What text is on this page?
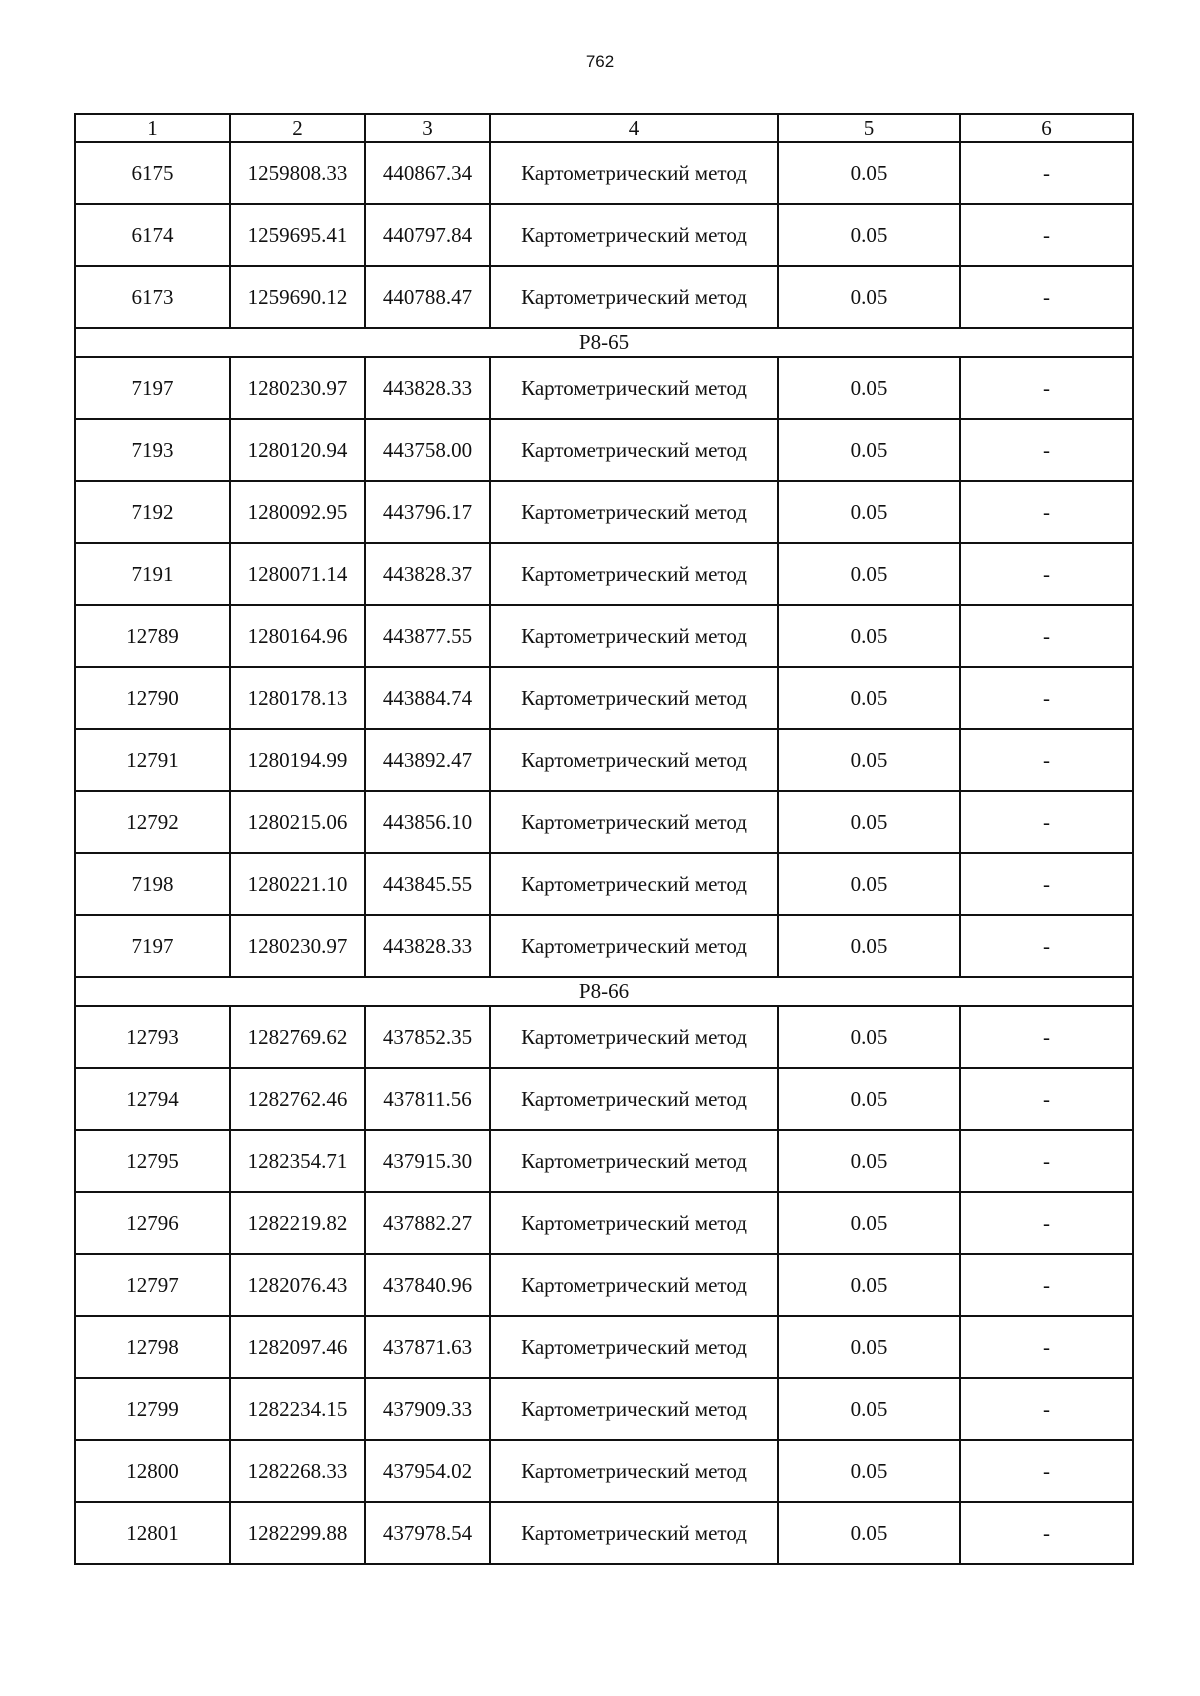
762
1	2	3	4	5	6
6175	1259808.33	440867.34	Картометрический метод	0.05	-
6174	1259695.41	440797.84	Картометрический метод	0.05	-
6173	1259690.12	440788.47	Картометрический метод	0.05	-
Р8-65					
7197	1280230.97	443828.33	Картометрический метод	0.05	-
7193	1280120.94	443758.00	Картометрический метод	0.05	-
7192	1280092.95	443796.17	Картометрический метод	0.05	-
7191	1280071.14	443828.37	Картометрический метод	0.05	-
12789	1280164.96	443877.55	Картометрический метод	0.05	-
12790	1280178.13	443884.74	Картометрический метод	0.05	-
12791	1280194.99	443892.47	Картометрический метод	0.05	-
12792	1280215.06	443856.10	Картометрический метод	0.05	-
7198	1280221.10	443845.55	Картометрический метод	0.05	-
7197	1280230.97	443828.33	Картометрический метод	0.05	-
Р8-66					
12793	1282769.62	437852.35	Картометрический метод	0.05	-
12794	1282762.46	437811.56	Картометрический метод	0.05	-
12795	1282354.71	437915.30	Картометрический метод	0.05	-
12796	1282219.82	437882.27	Картометрический метод	0.05	-
12797	1282076.43	437840.96	Картометрический метод	0.05	-
12798	1282097.46	437871.63	Картометрический метод	0.05	-
12799	1282234.15	437909.33	Картометрический метод	0.05	-
12800	1282268.33	437954.02	Картометрический метод	0.05	-
12801	1282299.88	437978.54	Картометрический метод	0.05	-
